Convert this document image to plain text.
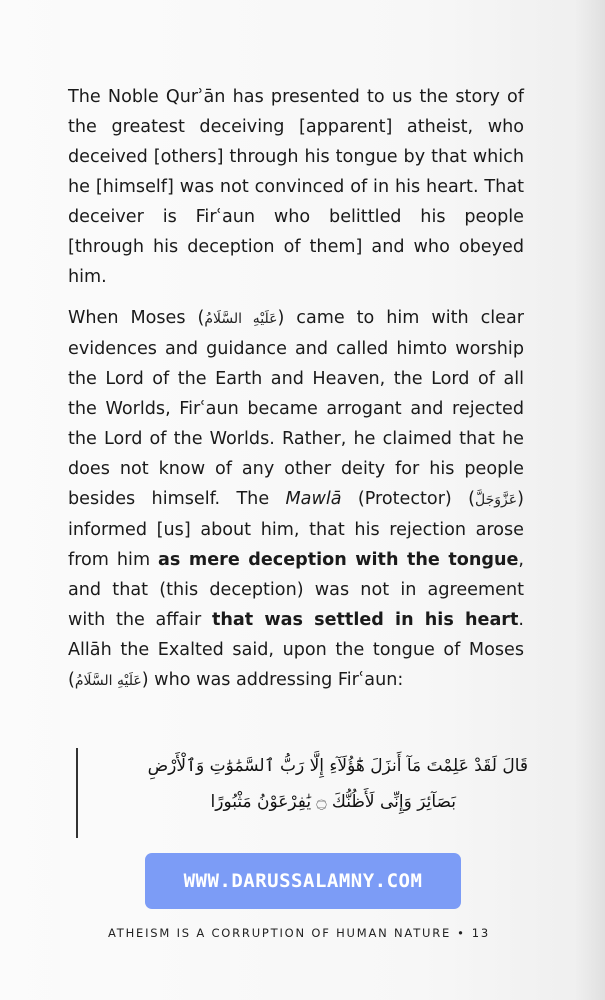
The Noble Qurʾān has presented to us the story of the greatest deceiving [apparent] atheist, who deceived [others] through his tongue by that which he [himself] was not convinced of in his heart. That deceiver is Firʿaun who belittled his people [through his deception of them] and who obeyed him.

When Moses (عَلَيْهِ السَّلَامُ) came to him with clear evidences and guidance and called himto worship the Lord of the Earth and Heaven, the Lord of all the Worlds, Firʿaun became arrogant and rejected the Lord of the Worlds. Rather, he claimed that he does not know of any other deity for his people besides himself. The Mawlā (Protector) (عَزَّوَجَلَّ) informed [us] about him, that his rejection arose from him as mere deception with the tongue, and that (this deception) was not in agreement with the affair that was settled in his heart. Allāh the Exalted said, upon the tongue of Moses (عَلَيْهِ السَّلَامُ) who was addressing Firʿaun:

قَالَ لَقَدْ عَلِمْتَ مَآ أَنزَلَ هَٰٓؤُلَآءِ إِلَّا رَبُّ ٱلسَّمَٰوَٰتِ وَٱلْأَرْضِ
بَصَآئِرَ وَإِنِّى لَأَظُنُّكَ ۝ يَٰفِرْعَوْنُ مَثْبُورًا
WWW.DARUSSALAMNY.COM
ATHEISM IS A CORRUPTION OF HUMAN NATURE • 13
